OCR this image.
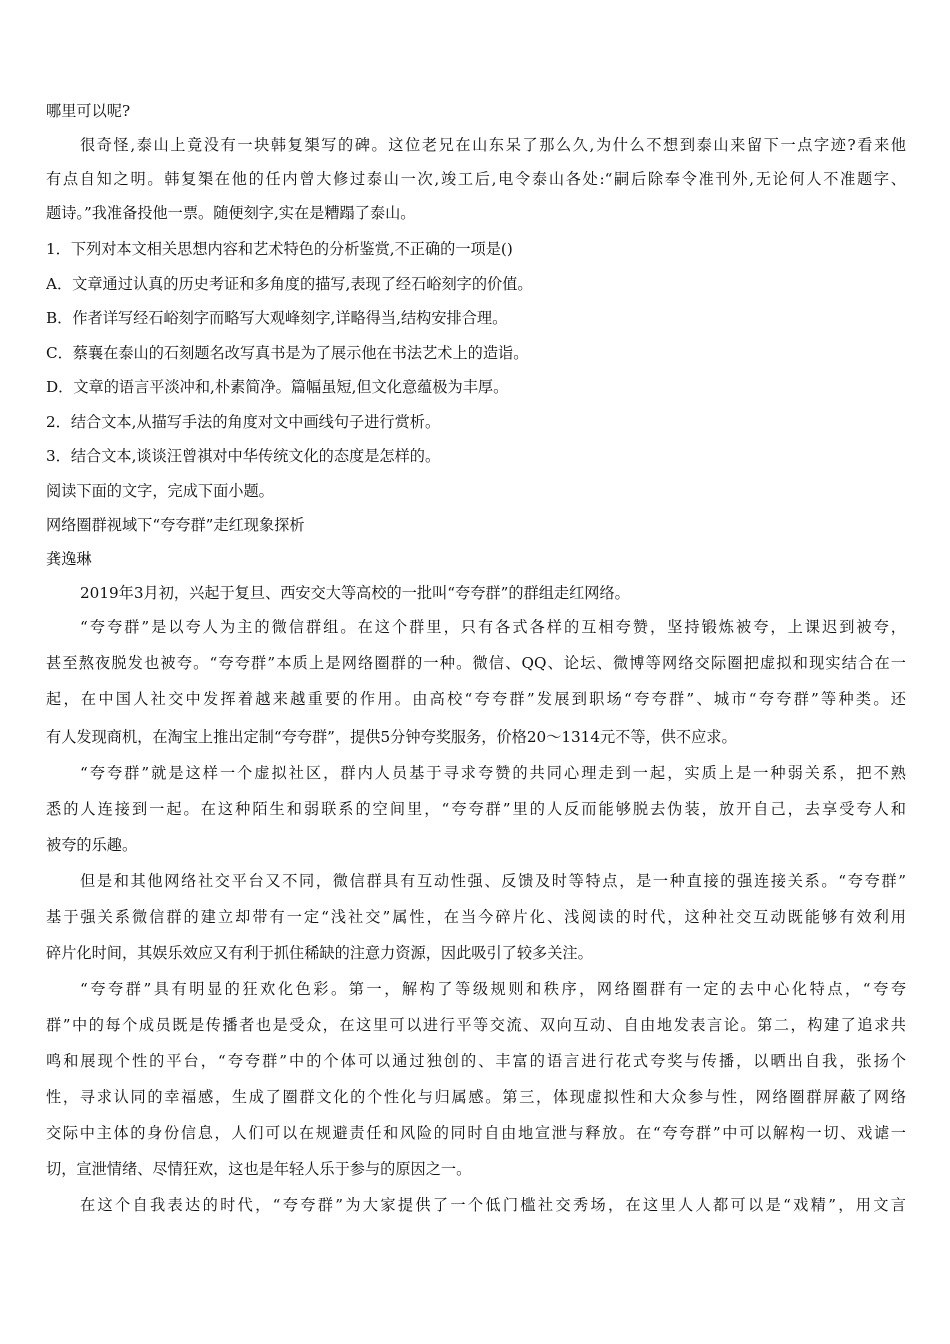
哪里可以呢?
很奇怪,泰山上竟没有一块韩复榘写的碑。这位老兄在山东呆了那么久,为什么不想到泰山来留下一点字迹?看来他
有点自知之明。韩复榘在他的任内曾大修过泰山一次,竣工后,电令泰山各处:“嗣后除奉令准刊外,无论何人不准题字、
题诗。”我准备投他一票。随便刻字,实在是糟蹋了泰山。
1．下列对本文相关思想内容和艺术特色的分析鉴赏,不正确的一项是()
A．文章通过认真的历史考证和多角度的描写,表现了经石峪刻字的价值。
B．作者详写经石峪刻字而略写大观峰刻字,详略得当,结构安排合理。
C．蔡襄在泰山的石刻题名改写真书是为了展示他在书法艺术上的造诣。
D．文章的语言平淡冲和,朴素简净。篇幅虽短,但文化意蕴极为丰厚。
2．结合文本,从描写手法的角度对文中画线句子进行赏析。
3．结合文本,谈谈汪曾祺对中华传统文化的态度是怎样的。
阅读下面的文字，完成下面小题。
网络圈群视域下“夸夸群”走红现象探析
龚逸琳
2019年3月初，兴起于复旦、西安交大等高校的一批叫“夸夸群”的群组走红网络。
“夸夸群”是以夸人为主的微信群组。在这个群里，只有各式各样的互相夸赞，坚持锻炼被夸，上课迟到被夸，
甚至熬夜脱发也被夸。“夸夸群”本质上是网络圈群的一种。微信、QQ、论坛、微博等网络交际圈把虚拟和现实结合在一
起，在中国人社交中发挥着越来越重要的作用。由高校“夸夸群”发展到职场“夸夸群”、城市“夸夸群”等种类。还
有人发现商机，在淘宝上推出定制“夸夸群”，提供5分钟夸奖服务，价格20～1314元不等，供不应求。
“夸夸群”就是这样一个虚拟社区，群内人员基于寻求夸赞的共同心理走到一起，实质上是一种弱关系，把不熟
悉的人连接到一起。在这种陌生和弱联系的空间里，“夸夸群”里的人反而能够脱去伪装，放开自己，去享受夸人和
被夸的乐趣。
但是和其他网络社交平台又不同，微信群具有互动性强、反馈及时等特点，是一种直接的强连接关系。“夸夸群”
基于强关系微信群的建立却带有一定“浅社交”属性，在当今碎片化、浅阅读的时代，这种社交互动既能够有效利用
碎片化时间，其娱乐效应又有利于抓住稀缺的注意力资源，因此吸引了较多关注。
“夸夸群”具有明显的狂欢化色彩。第一，解构了等级规则和秩序，网络圈群有一定的去中心化特点，“夸夸
群”中的每个成员既是传播者也是受众，在这里可以进行平等交流、双向互动、自由地发表言论。第二，构建了追求共
鸣和展现个性的平台，“夸夸群”中的个体可以通过独创的、丰富的语言进行花式夸奖与传播，以晒出自我，张扬个
性，寻求认同的幸福感，生成了圈群文化的个性化与归属感。第三，体现虚拟性和大众参与性，网络圈群屏蔽了网络
交际中主体的身份信息，人们可以在规避责任和风险的同时自由地宣泄与释放。在“夸夸群”中可以解构一切、戏谑一
切，宣泄情绪、尽情狂欢，这也是年轻人乐于参与的原因之一。
在这个自我表达的时代，“夸夸群”为大家提供了一个低门槛社交秀场，在这里人人都可以是“戏精”，用文言
